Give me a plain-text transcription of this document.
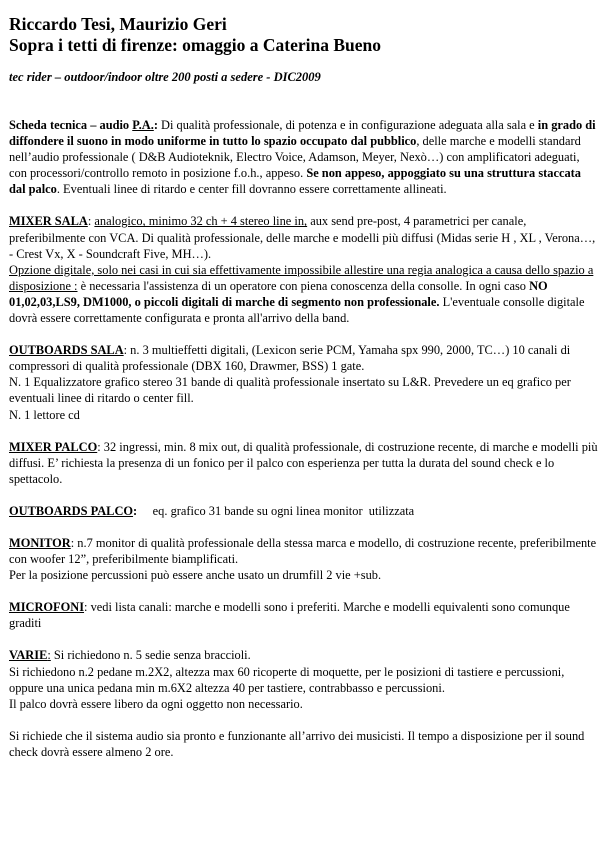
Riccardo Tesi, Maurizio Geri
Sopra i tetti di firenze: omaggio a Caterina Bueno

tec rider – outdoor/indoor oltre 200 posti a sedere - DIC2009

Scheda tecnica – audio P.A.: Di qualità professionale, di potenza e in configurazione adeguata alla sala e in grado di diffondere il suono in modo uniforme in tutto lo spazio occupato dal pubblico, delle marche e modelli standard nell’audio professionale ( D&B Audioteknik, Electro Voice, Adamson, Meyer, Nexò…) con amplificatori adeguati, con processori/controllo remoto in posizione f.o.h., appeso. Se non appeso, appoggiato su una struttura staccata dal palco. Eventuali linee di ritardo e center fill dovranno essere correttamente allineati.

MIXER SALA: analogico, minimo 32 ch + 4 stereo line in, aux send pre-post, 4 parametrici per canale, preferibilmente con VCA. Di qualità professionale, delle marche e modelli più diffusi (Midas serie H , XL , Verona…, - Crest Vx, X - Soundcraft Five, MH…).
Opzione digitale, solo nei casi in cui sia effettivamente impossibile allestire una regia analogica a causa dello spazio a disposizione : è necessaria l'assistenza di un operatore con piena conoscenza della consolle. In ogni caso NO 01,02,03,LS9, DM1000, o piccoli digitali di marche di segmento non professionale. L'eventuale consolle digitale dovrà essere correttamente configurata e pronta all'arrivo della band.

OUTBOARDS SALA: n. 3 multieffetti digitali, (Lexicon serie PCM, Yamaha spx 990, 2000, TC…) 10 canali di compressori di qualità professionale (DBX 160, Drawmer, BSS) 1 gate.
N. 1 Equalizzatore grafico stereo 31 bande di qualità professionale insertato su L&R. Prevedere un eq grafico per eventuali linee di ritardo o center fill.
N. 1 lettore cd

MIXER PALCO: 32 ingressi, min. 8 mix out, di qualità professionale, di costruzione recente, di marche e modelli più diffusi. E’ richiesta la presenza di un fonico per il palco con esperienza per tutta la durata del sound check e lo spettacolo.

OUTBOARDS PALCO:     eq. grafico 31 bande su ogni linea monitor  utilizzata

MONITOR: n.7 monitor di qualità professionale della stessa marca e modello, di costruzione recente, preferibilmente con woofer 12”, preferibilmente biamplificati.
Per la posizione percussioni può essere anche usato un drumfill 2 vie +sub.

MICROFONI: vedi lista canali: marche e modelli sono i preferiti. Marche e modelli equivalenti sono comunque graditi

VARIE: Si richiedono n. 5 sedie senza braccioli.
Si richiedono n.2 pedane m.2X2, altezza max 60 ricoperte di moquette, per le posizioni di tastiere e percussioni, oppure una unica pedana min m.6X2 altezza 40 per tastiere, contrabbasso e percussioni.
Il palco dovrà essere libero da ogni oggetto non necessario.

Si richiede che il sistema audio sia pronto e funzionante all’arrivo dei musicisti. Il tempo a disposizione per il sound check dovrà essere almeno 2 ore.
